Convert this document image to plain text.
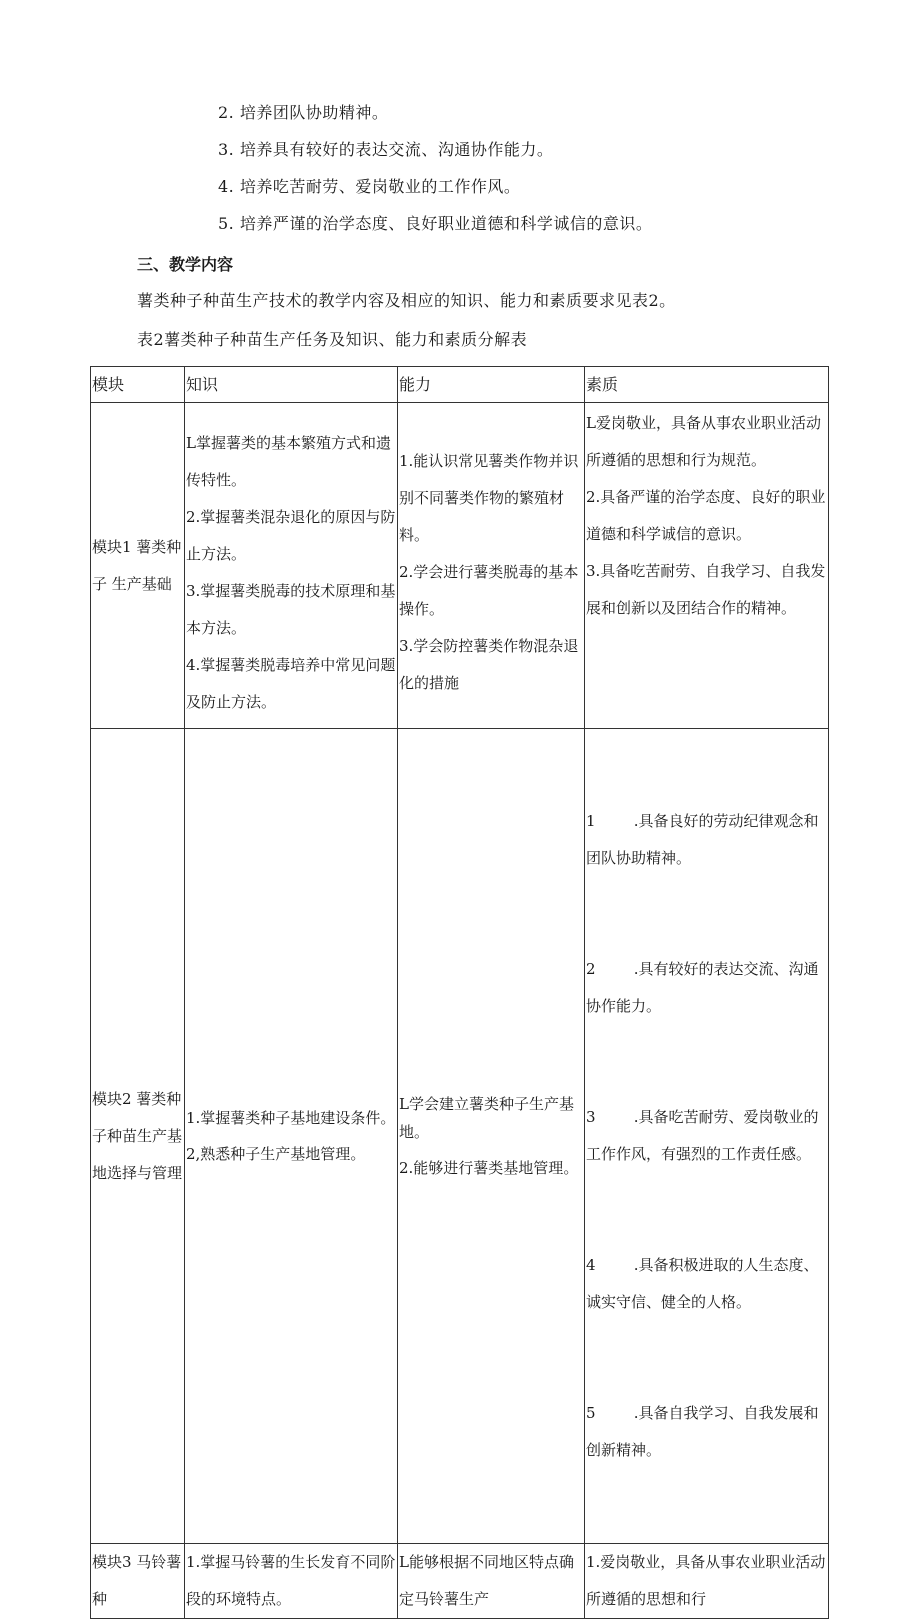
2. 培养团队协助精神。
3. 培养具有较好的表达交流、沟通协作能力。
4. 培养吃苦耐劳、爱岗敬业的工作作风。
5. 培养严谨的治学态度、良好职业道德和科学诚信的意识。
三、教学内容

薯类种子种苗生产技术的教学内容及相应的知识、能力和素质要求见表2。

表2薯类种子种苗生产任务及知识、能力和素质分解表

模块	知识	能力	素质
模块1 薯类种子 生产基础	L掌握薯类的基本繁殖方式和遗传特性。
2.掌握薯类混杂退化的原因与防止方法。
3.掌握薯类脱毒的技术原理和基本方法。
4.掌握薯类脱毒培养中常见问题及防止方法。	1.能认识常见薯类作物并识别不同薯类作物的繁殖材料。
2.学会进行薯类脱毒的基本操作。
3.学会防控薯类作物混杂退化的措施	L爱岗敬业，具备从事农业职业活动所遵循的思想和行为规范。
2.具备严谨的治学态度、良好的职业道德和科学诚信的意识。
3.具备吃苦耐劳、自我学习、自我发展和创新以及团结合作的精神。

模块2 薯类种子种苗生产基地选择与管理	1.掌握薯类种子基地建设条件。
2,熟悉种子生产基地管理。	L学会建立薯类种子生产基地。
2.能够进行薯类基地管理。	1        .具备良好的劳动纪律观念和团队协助精神。

2        .具有较好的表达交流、沟通协作能力。

3        .具备吃苦耐劳、爱岗敬业的工作作风，有强烈的工作责任感。

4        .具备积极进取的人生态度、诚实守信、健全的人格。

5        .具备自我学习、自我发展和创新精神。

模块3 马铃薯种	1.掌握马铃薯的生长发育不同阶段的环境特点。	L能够根据不同地区特点确定马铃薯生产	1.爱岗敬业，具备从事农业职业活动所遵循的思想和行
